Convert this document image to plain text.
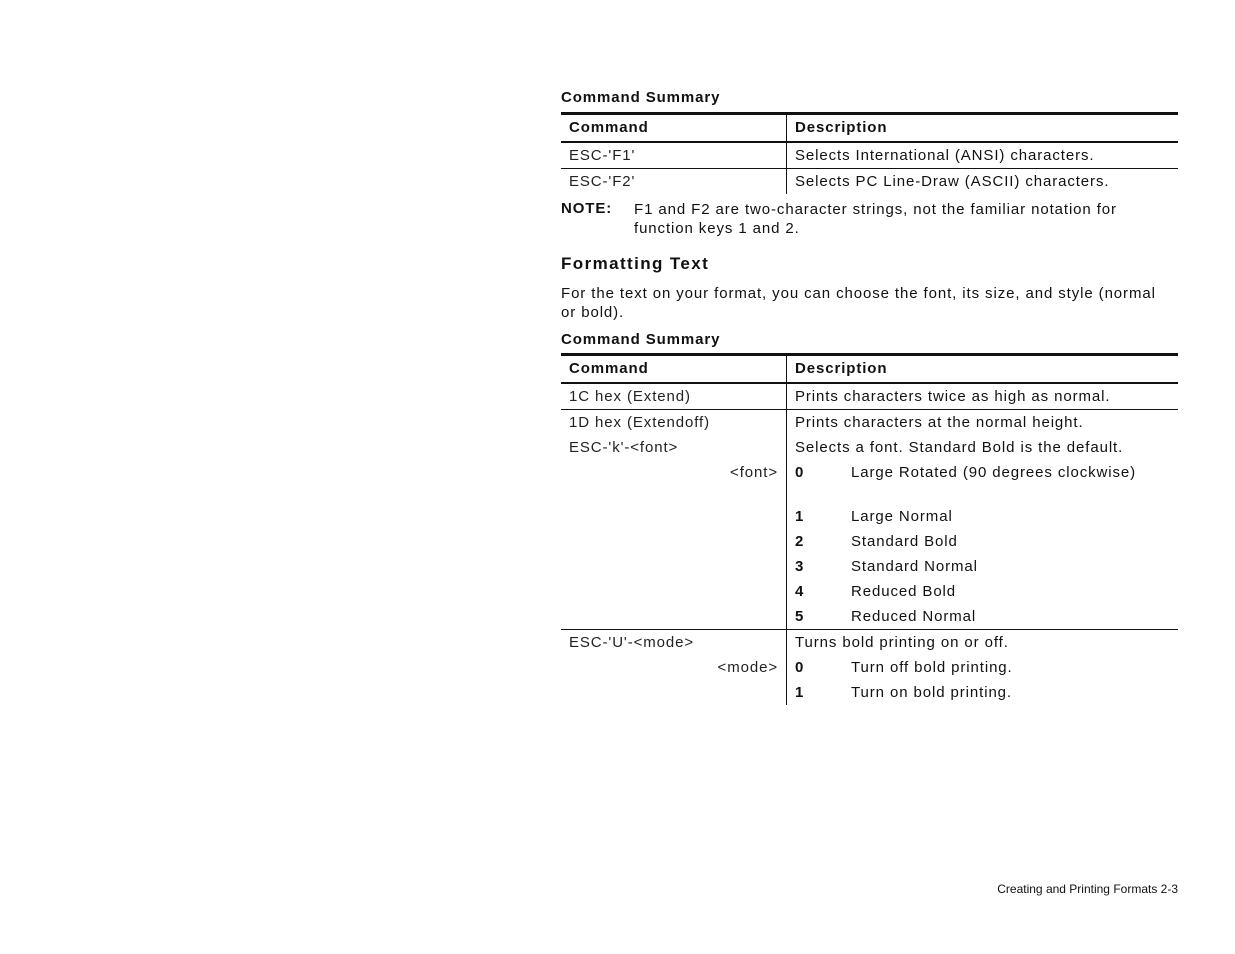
Command Summary
Command	Description
ESC-'F1'	Selects International (ANSI) characters.
ESC-'F2'	Selects PC Line-Draw (ASCII) characters.
NOTE: F1 and F2 are two-character strings, not the familiar notation for function keys 1 and 2.
Formatting Text
For the text on your format, you can choose the font, its size, and style (normal or bold).
Command Summary
Command	Description
1C hex (Extend)	Prints characters twice as high as normal.
1D hex (Extendoff)	Prints characters at the normal height.
ESC-'k'-<font>	Selects a font. Standard Bold is the default.
<font>	0 Large Rotated (90 degrees clockwise)

	1 Large Normal

	2 Standard Bold

	3 Standard Normal

	4 Reduced Bold

	5 Reduced Normal

ESC-'U'-<mode>	Turns bold printing on or off.
<mode>	0 Turn off bold printing.

	1 Turn on bold printing.
Creating and Printing Formats 2-3
